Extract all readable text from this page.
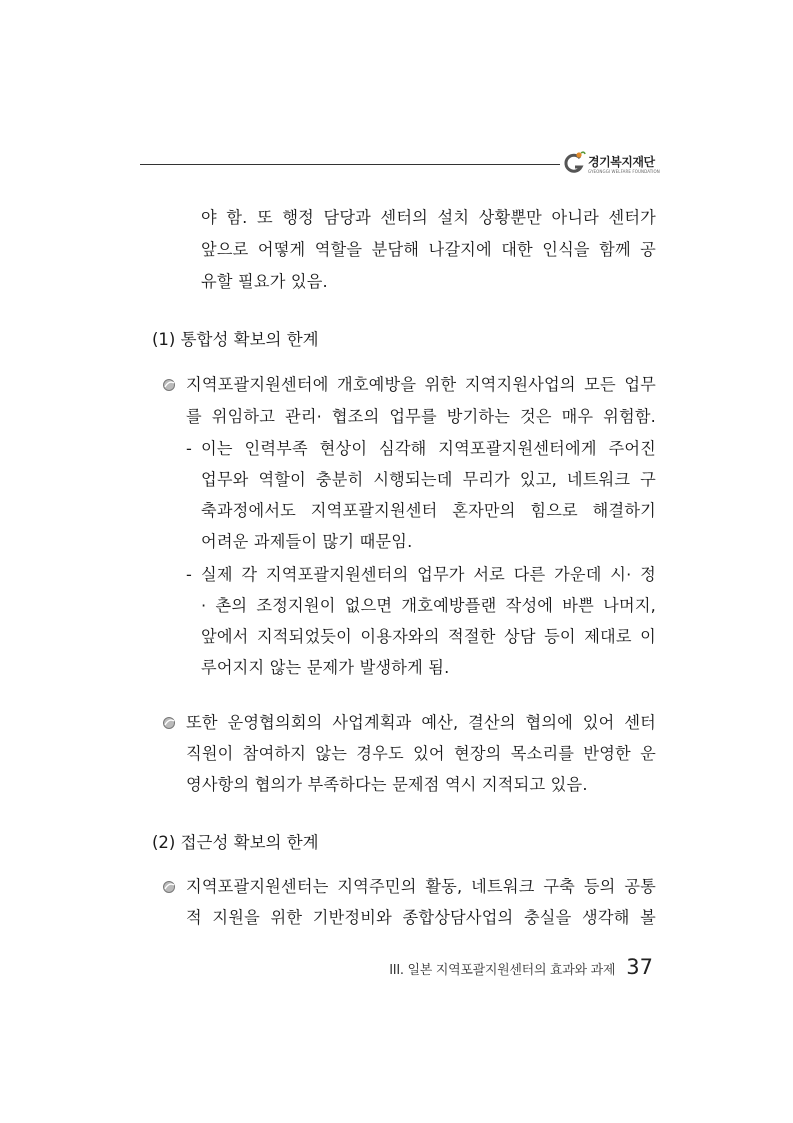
경기복지재단
GYEONGGI WELFARE FOUNDATION
야 함. 또 행정 담당과 센터의 설치 상황뿐만 아니라 센터가
앞으로 어떻게 역할을 분담해 나갈지에 대한 인식을 함께 공
유할 필요가 있음.
(1) 통합성 확보의 한계
지역포괄지원센터에 개호예방을 위한 지역지원사업의 모든 업무
를 위임하고 관리· 협조의 업무를 방기하는 것은 매우 위험함.
- 이는 인력부족 현상이 심각해 지역포괄지원센터에게 주어진
업무와 역할이 충분히 시행되는데 무리가 있고, 네트워크 구
축과정에서도 지역포괄지원센터 혼자만의 힘으로 해결하기
어려운 과제들이 많기 때문임.
- 실제 각 지역포괄지원센터의 업무가 서로 다른 가운데 시· 정
· 촌의 조정지원이 없으면 개호예방플랜 작성에 바쁜 나머지,
앞에서 지적되었듯이 이용자와의 적절한 상담 등이 제대로 이
루어지지 않는 문제가 발생하게 됨.
또한 운영협의회의 사업계획과 예산, 결산의 협의에 있어 센터
직원이 참여하지 않는 경우도 있어 현장의 목소리를 반영한 운
영사항의 협의가 부족하다는 문제점 역시 지적되고 있음.
(2) 접근성 확보의 한계
지역포괄지원센터는 지역주민의 활동, 네트워크 구축 등의 공통
적 지원을 위한 기반정비와 종합상담사업의 충실을 생각해 볼
III. 일본 지역포괄지원센터의 효과와 과제 37
